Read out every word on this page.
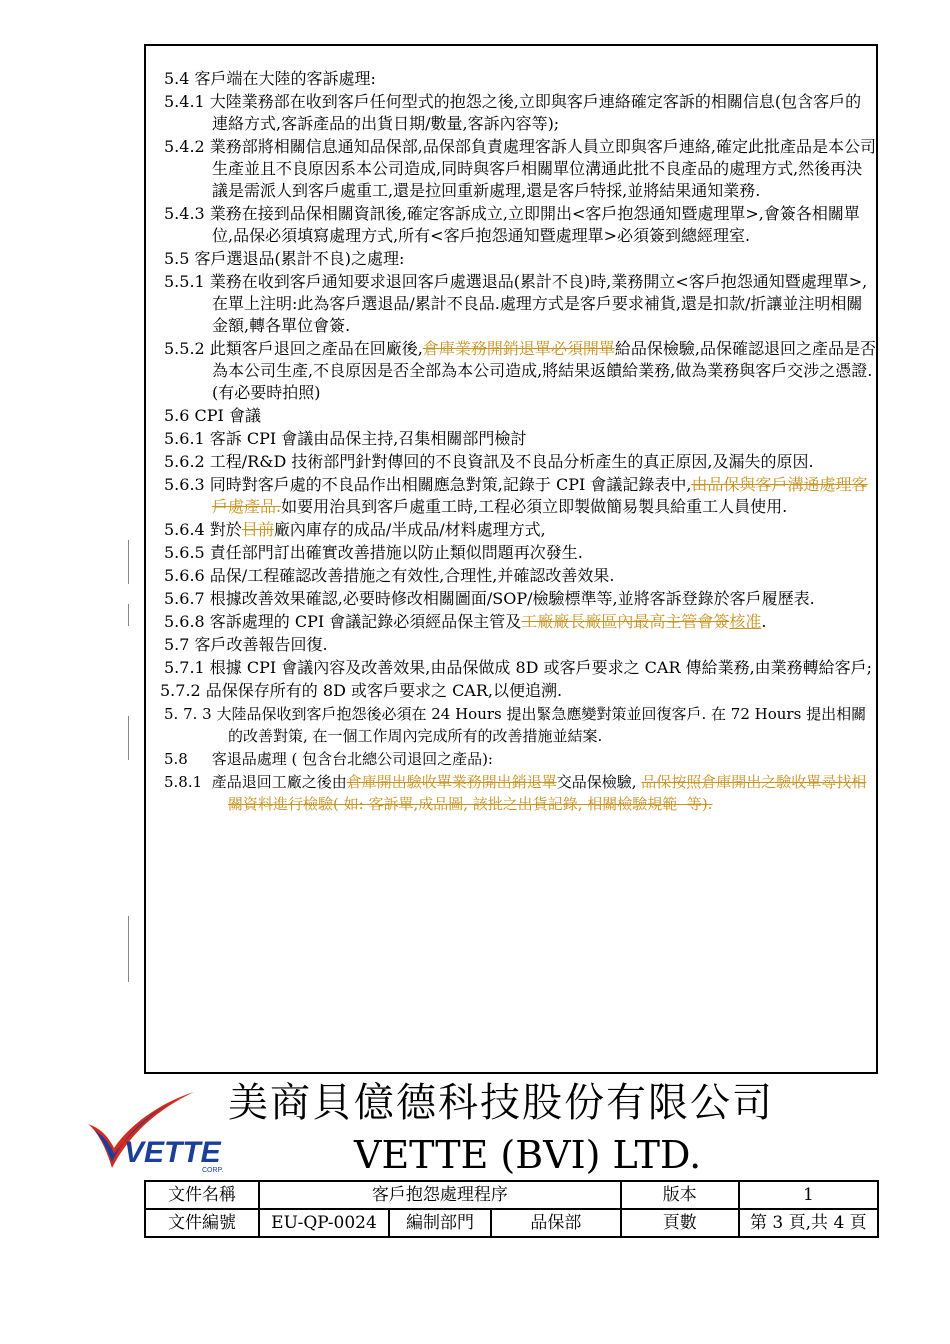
5.4 客戶端在大陸的客訴處理:

5.4.1 大陸業務部在收到客戶任何型式的抱怨之後,立即與客戶連絡確定客訴的相關信息(包含客戶的連絡方式,客訴產品的出貨日期/數量,客訴內容等);

5.4.2 業務部將相關信息通知品保部,品保部負責處理客訴人員立即與客戶連絡,確定此批產品是本公司生產並且不良原因系本公司造成,同時與客戶相關單位溝通此批不良產品的處理方式,然後再決議是需派人到客戶處重工,還是拉回重新處理,還是客戶特採,並將結果通知業務.

5.4.3 業務在接到品保相關資訊後,確定客訴成立,立即開出<客戶抱怨通知暨處理單>,會簽各相關單位,品保必須填寫處理方式,所有<客戶抱怨通知暨處理單>必須簽到總經理室.

5.5 客戶選退品(累計不良)之處理:

5.5.1 業務在收到客戶通知要求退回客戶處選退品(累計不良)時,業務開立<客戶抱怨通知暨處理單>,在單上注明:此為客戶選退品/累計不良品.處理方式是客戶要求補貨,還是扣款/折讓並注明相關金額,轉各單位會簽.

5.5.2 此類客戶退回之產品在回廠後,倉庫業務開銷退單必須開單給品保檢驗,品保確認退回之產品是否為本公司生產,不良原因是否全部為本公司造成,將結果返饋給業務,做為業務與客戶交涉之憑證.(有必要時拍照)

5.6 CPI 會議

5.6.1 客訴 CPI 會議由品保主持,召集相關部門檢討

5.6.2 工程/R&D 技術部門針對傳回的不良資訊及不良品分析產生的真正原因,及漏失的原因.

5.6.3 同時對客戶處的不良品作出相關應急對策,記錄于 CPI 會議記錄表中,由品保與客戶溝通處理客戶處產品.如要用治具到客戶處重工時,工程必須立即製做簡易製具給重工人員使用.

5.6.4 對於目前廠內庫存的成品/半成品/材料處理方式,

5.6.5 責任部門訂出確實改善措施以防止類似問題再次發生.

5.6.6 品保/工程確認改善措施之有效性,合理性,并確認改善效果.

5.6.7 根據改善效果確認,必要時修改相關圖面/SOP/檢驗標準等,並將客訴登錄於客戶履歷表.

5.6.8 客訴處理的 CPI 會議記錄必須經品保主管及工廠廠長廠區內最高主管會簽核准.

5.7 客戶改善報告回復.

5.7.1 根據 CPI 會議內容及改善效果,由品保做成 8D 或客戶要求之 CAR 傳給業務,由業務轉給客戶;

5.7.2 品保保存所有的 8D 或客戶要求之 CAR,以便追溯.

5. 7. 3 大陸品保收到客戶抱怨後必須在 24 Hours 提出緊急應變對策並回復客戶. 在 72 Hours 提出相關的改善對策, 在一個工作周內完成所有的改善措施並結案.

5.8     客退品處理 ( 包含台北總公司退回之產品):

5.8.1  產品退回工廠之後由倉庫開出驗收單業務開出銷退單交品保檢驗, 品保按照倉庫開出之驗收單尋找相關資料進行檢驗( 如: 客訴單,成品圖, 該批之出貨記錄, 相關檢驗規範  等).

VETTE
CORP.
美商貝億德科技股份有限公司
VETTE (BVI) LTD.
文件名稱	客戶抱怨處理程序			版本	1
文件編號	EU-QP-0024	編制部門	品保部	頁數	第 3 頁,共 4 頁
